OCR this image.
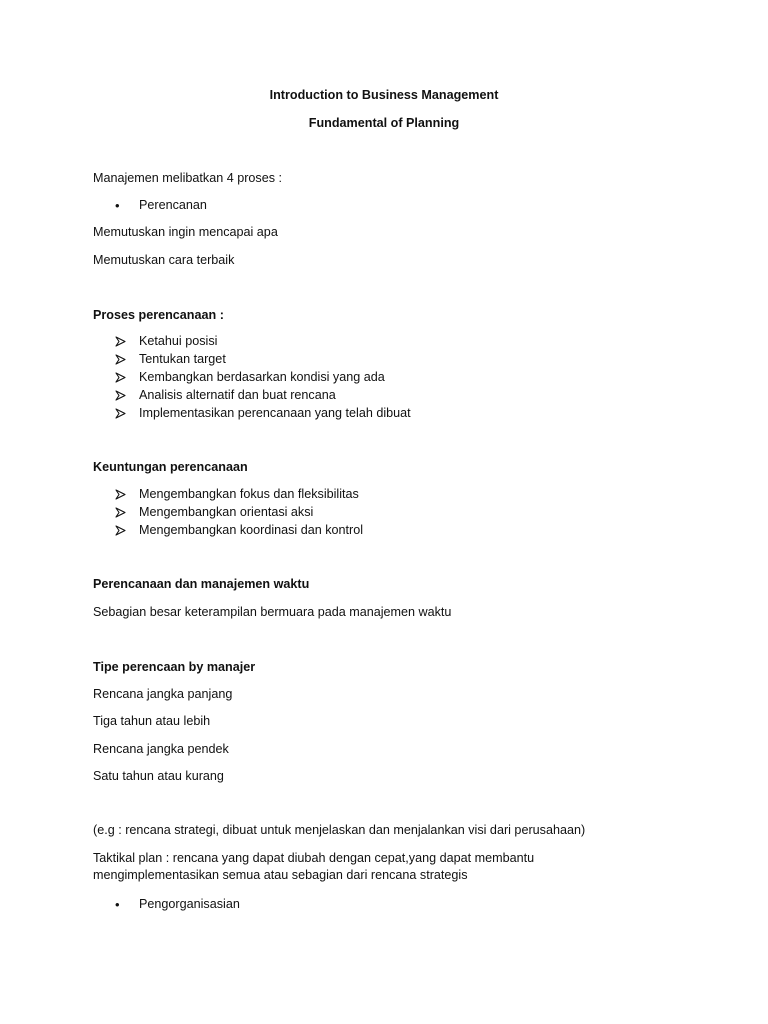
Introduction to Business Management
Fundamental of Planning
Manajemen melibatkan 4 proses :
•	Perencanan
Memutuskan ingin mencapai apa
Memutuskan cara terbaik
Proses perencanaan :
Ketahui posisi
Tentukan target
Kembangkan berdasarkan kondisi yang ada
Analisis alternatif dan buat rencana
Implementasikan perencanaan yang telah dibuat
Keuntungan perencanaan
Mengembangkan fokus dan fleksibilitas
Mengembangkan orientasi aksi
Mengembangkan koordinasi dan kontrol
Perencanaan dan manajemen waktu
Sebagian besar keterampilan bermuara pada manajemen waktu
Tipe perencaan by manajer
Rencana jangka panjang
Tiga tahun atau lebih
Rencana jangka pendek
Satu tahun atau kurang
(e.g : rencana strategi, dibuat untuk menjelaskan dan menjalankan visi dari perusahaan)
Taktikal plan : rencana yang dapat diubah dengan cepat,yang dapat membantu
mengimplementasikan semua atau sebagian dari rencana strategis
•	Pengorganisasian
